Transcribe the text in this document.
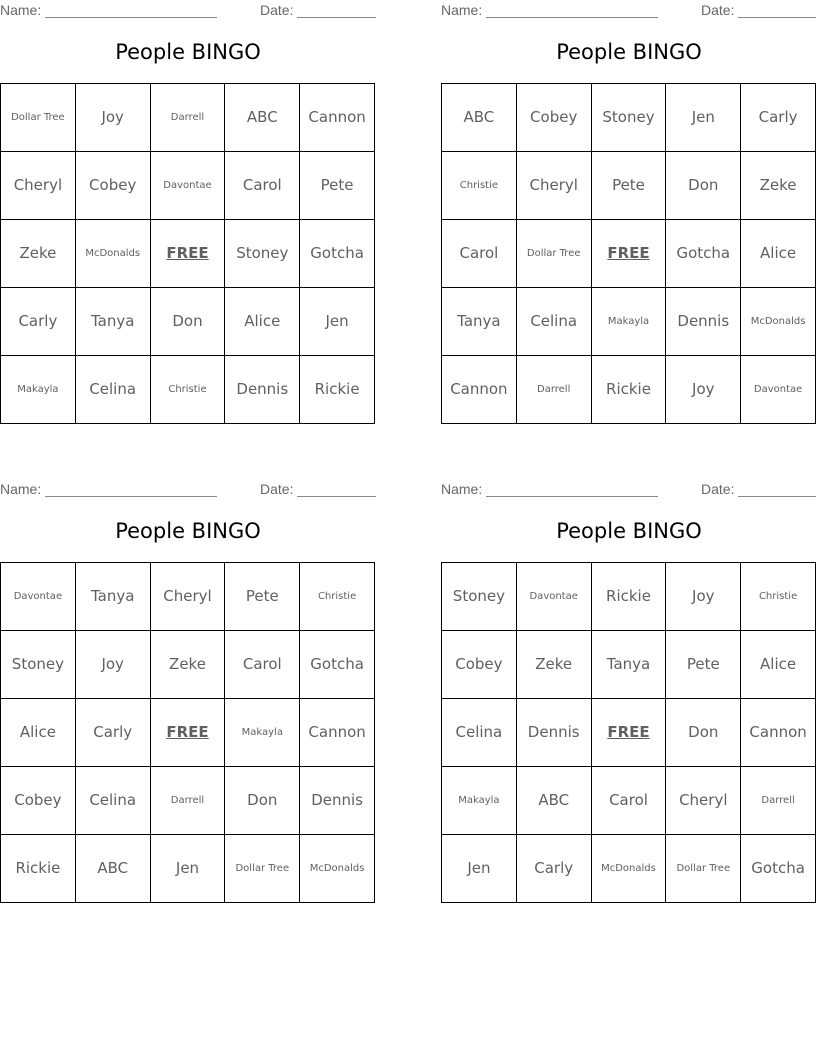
Name:	Date:
People BINGO
Dollar Tree	Joy	Darrell	ABC	Cannon
Cheryl	Cobey	Davontae	Carol	Pete
Zeke	McDonalds	FREE	Stoney	Gotcha
Carly	Tanya	Don	Alice	Jen
Makayla	Celina	Christie	Dennis	Rickie
Name:	Date:
People BINGO
ABC	Cobey	Stoney	Jen	Carly
Christie	Cheryl	Pete	Don	Zeke
Carol	Dollar Tree	FREE	Gotcha	Alice
Tanya	Celina	Makayla	Dennis	McDonalds
Cannon	Darrell	Rickie	Joy	Davontae
Name:	Date:
People BINGO
Davontae	Tanya	Cheryl	Pete	Christie
Stoney	Joy	Zeke	Carol	Gotcha
Alice	Carly	FREE	Makayla	Cannon
Cobey	Celina	Darrell	Don	Dennis
Rickie	ABC	Jen	Dollar Tree	McDonalds
Name:	Date:
People BINGO
Stoney	Davontae	Rickie	Joy	Christie
Cobey	Zeke	Tanya	Pete	Alice
Celina	Dennis	FREE	Don	Cannon
Makayla	ABC	Carol	Cheryl	Darrell
Jen	Carly	McDonalds	Dollar Tree	Gotcha
